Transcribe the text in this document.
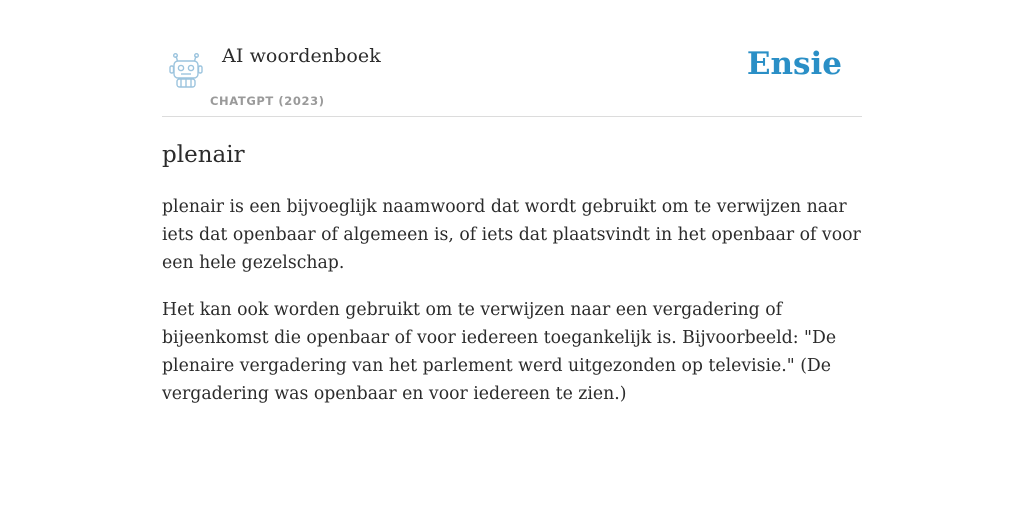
AI woordenboek
CHATGPT (2023)
Ensie
plenair

plenair is een bijvoeglijk naamwoord dat wordt gebruikt om te verwijzen naar iets dat openbaar of algemeen is, of iets dat plaatsvindt in het openbaar of voor een hele gezelschap.

Het kan ook worden gebruikt om te verwijzen naar een vergadering of bijeenkomst die openbaar of voor iedereen toegankelijk is. Bijvoorbeeld: "De plenaire vergadering van het parlement werd uitgezonden op televisie." (De vergadering was openbaar en voor iedereen te zien.)
